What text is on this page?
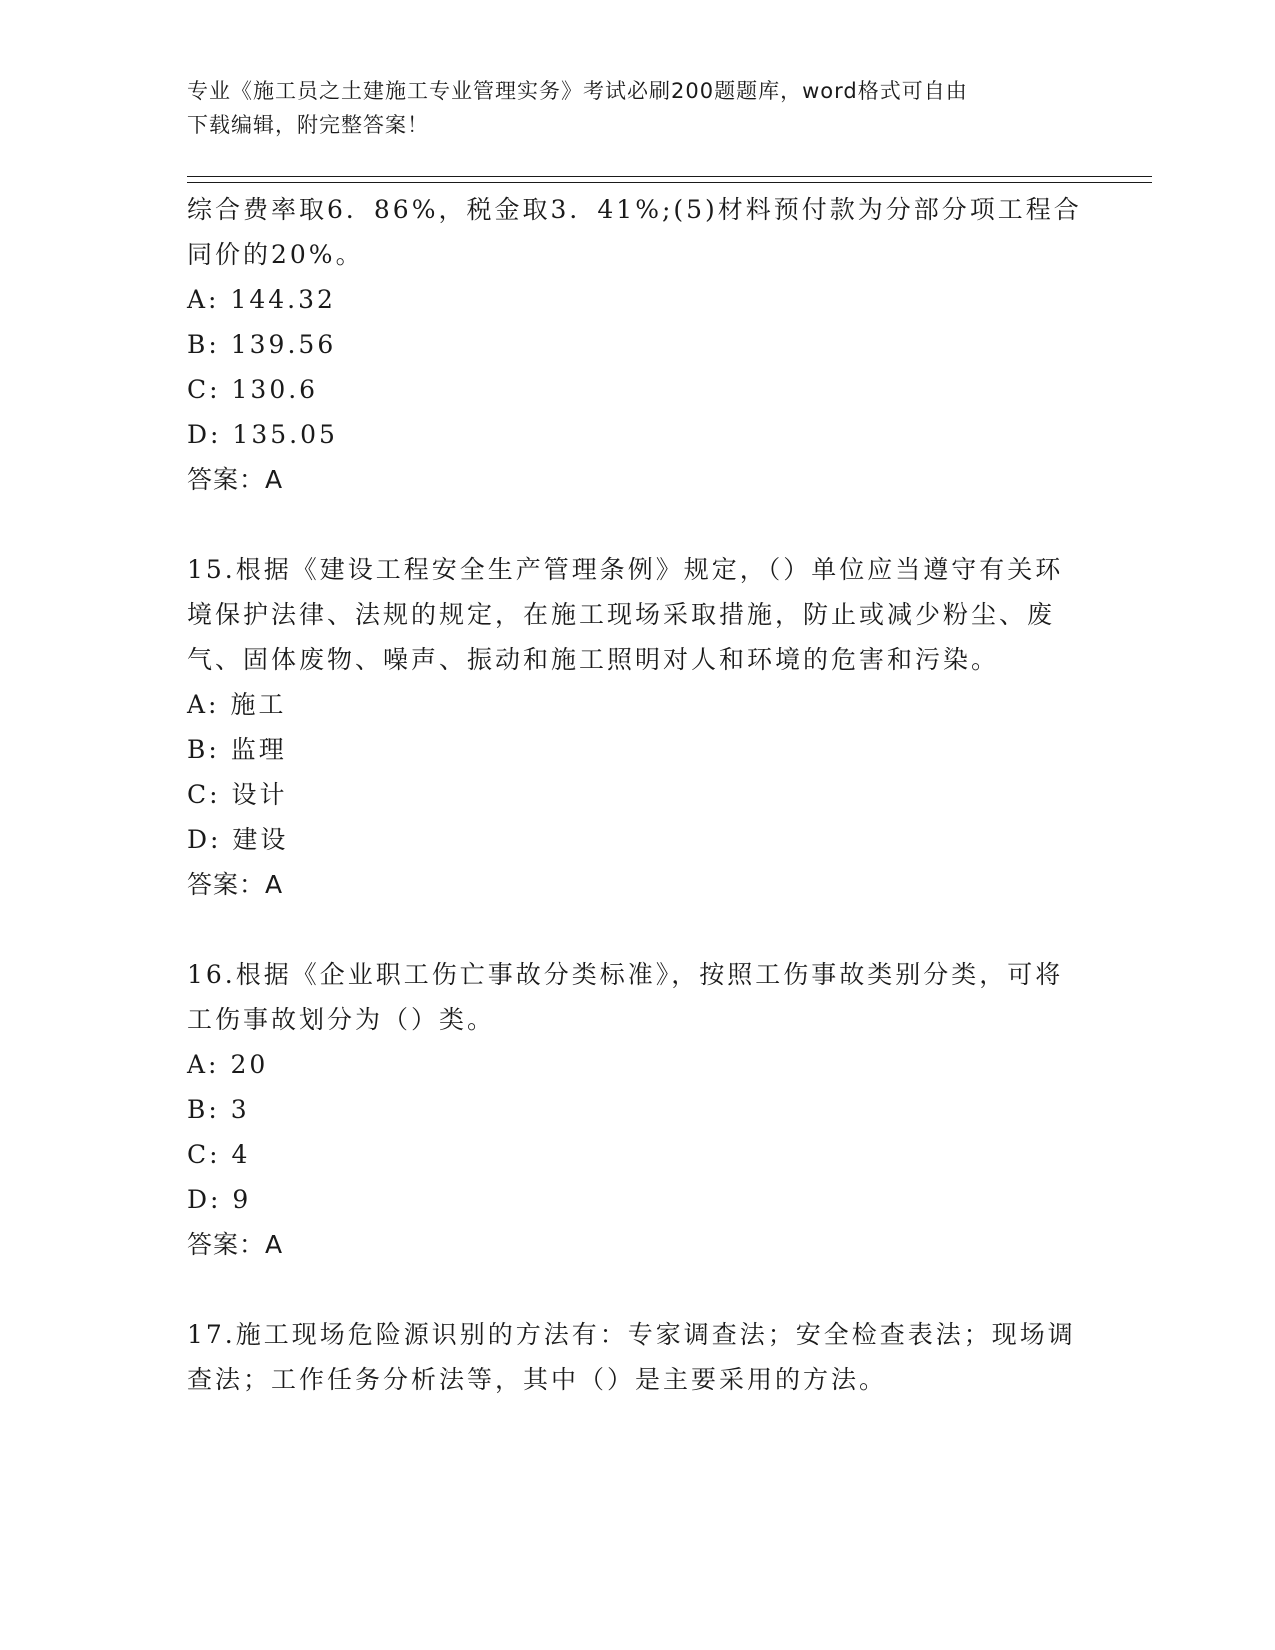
专业《施工员之土建施工专业管理实务》考试必刷200题题库，word格式可自由
下载编辑，附完整答案！

综合费率取6．86%，税金取3．41%;(5)材料预付款为分部分项工程合同价的20%。

A: 144.32
B: 139.56
C: 130.6
D: 135.05
答案：A

15.根据《建设工程安全生产管理条例》规定，（）单位应当遵守有关环境保护法律、法规的规定，在施工现场采取措施，防止或减少粉尘、废气、固体废物、噪声、振动和施工照明对人和环境的危害和污染。

A: 施工
B: 监理
C: 设计
D: 建设
答案：A

16.根据《企业职工伤亡事故分类标准》，按照工伤事故类别分类，可将工伤事故划分为（）类。

A: 20
B: 3
C: 4
D: 9
答案：A

17.施工现场危险源识别的方法有：专家调查法；安全检查表法；现场调查法；工作任务分析法等，其中（）是主要采用的方法。
